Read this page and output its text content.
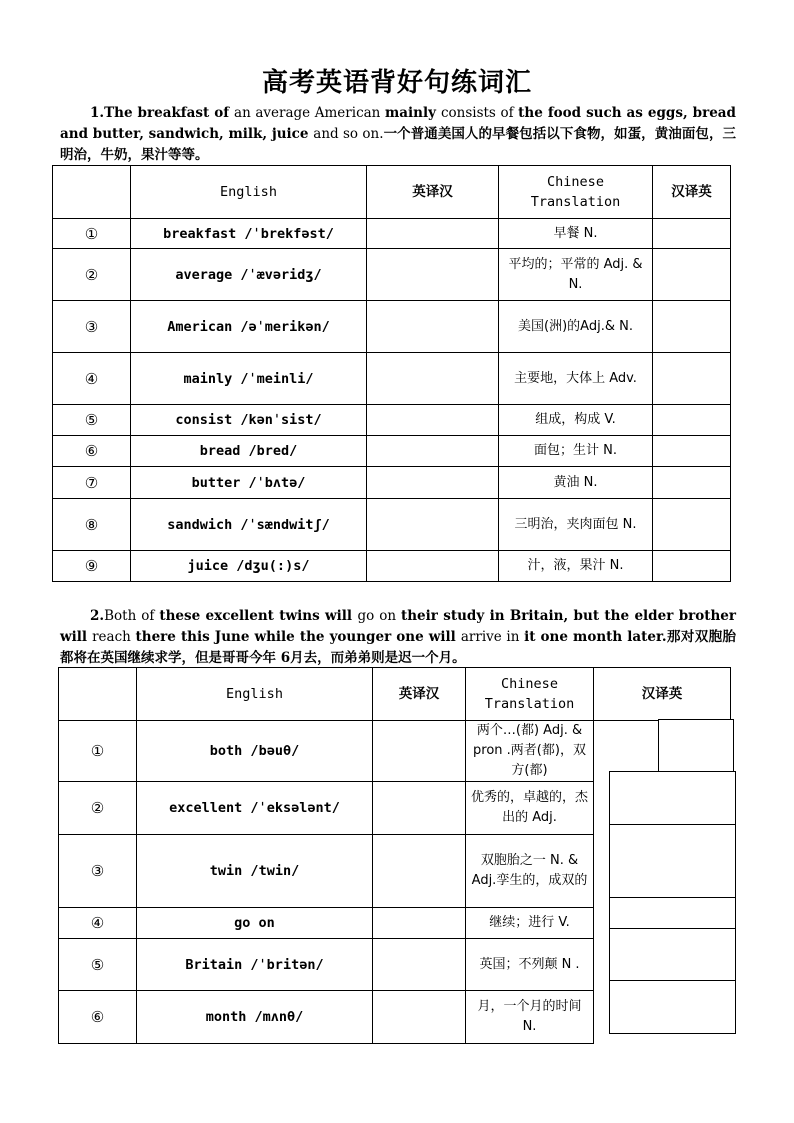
高考英语背好句练词汇
1.The breakfast of an average American mainly consists of the food such as eggs, bread and butter, sandwich, milk, juice and so on.一个普通美国人的早餐包括以下食物，如蛋，黄油面包，三明治，牛奶，果汁等等。
	English	英译汉	Chinese Translation	汉译英
①	breakfast /ˈbrekfəst/		早餐 N.	
②	average /ˈævəridʒ/		平均的；平常的 Adj. & N.	
③	American /əˈmerikən/		美国(洲)的Adj.& N.	
④	mainly /ˈmeinli/		主要地，大体上 Adv.	
⑤	consist /kənˈsist/		组成，构成 V.	
⑥	bread /bred/		面包；生计 N.	
⑦	butter /ˈbʌtə/		黄油 N.	
⑧	sandwich /ˈsændwitʃ/		三明治，夹肉面包 N.	
⑨	juice /dʒu(:)s/		汁，液，果汁 N.	
2.Both of these excellent twins will go on their study in Britain, but the elder brother will reach there this June while the younger one will arrive in it one month later.那对双胞胎都将在英国继续求学，但是哥哥今年 6月去，而弟弟则是迟一个月。
	English	英译汉	Chinese Translation	汉译英
①	both /bəuθ/		两个…(都) Adj. & pron .两者(都)，双方(都)	
②	excellent /ˈeksələnt/		优秀的，卓越的，杰出的 Adj.	
③	twin /twin/		双胞胎之一 N. & Adj.孪生的，成双的	
④	go on		继续；进行 V.	
⑤	Britain /ˈbritən/		英国；不列颠 N .	
⑥	month /mʌnθ/		月，一个月的时间 N.	
